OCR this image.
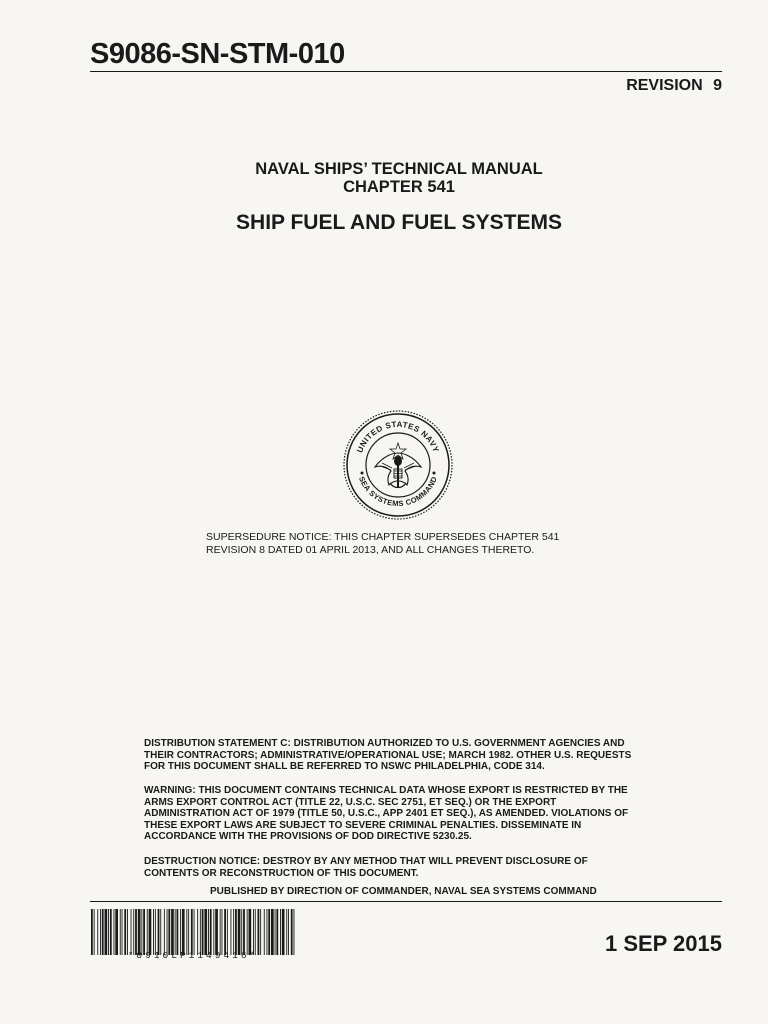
S9086-SN-STM-010
REVISION 9
NAVAL SHIPS’ TECHNICAL MANUAL
CHAPTER 541
SHIP FUEL AND FUEL SYSTEMS
UNITED STATES NAVY
SEA SYSTEMS COMMAND
SUPERSEDURE NOTICE: THIS CHAPTER SUPERSEDES CHAPTER 541 REVISION 8 DATED 01 APRIL 2013, AND ALL CHANGES THERETO.
DISTRIBUTION STATEMENT C: DISTRIBUTION AUTHORIZED TO U.S. GOVERNMENT AGENCIES AND THEIR CONTRACTORS; ADMINISTRATIVE/OPERATIONAL USE; MARCH 1982. OTHER U.S. REQUESTS FOR THIS DOCUMENT SHALL BE REFERRED TO NSWC PHILADELPHIA, CODE 314.
WARNING: THIS DOCUMENT CONTAINS TECHNICAL DATA WHOSE EXPORT IS RESTRICTED BY THE ARMS EXPORT CONTROL ACT (TITLE 22, U.S.C. SEC 2751, ET SEQ.) OR THE EXPORT ADMINISTRATION ACT OF 1979 (TITLE 50, U.S.C., APP 2401 ET SEQ.), AS AMENDED. VIOLATIONS OF THESE EXPORT LAWS ARE SUBJECT TO SEVERE CRIMINAL PENALTIES. DISSEMINATE IN ACCORDANCE WITH THE PROVISIONS OF DOD DIRECTIVE 5230.25.
DESTRUCTION NOTICE: DESTROY BY ANY METHOD THAT WILL PREVENT DISCLOSURE OF CONTENTS OR RECONSTRUCTION OF THIS DOCUMENT.
PUBLISHED BY DIRECTION OF COMMANDER, NAVAL SEA SYSTEMS COMMAND
*0910LP1149416*	1 SEP 2015
